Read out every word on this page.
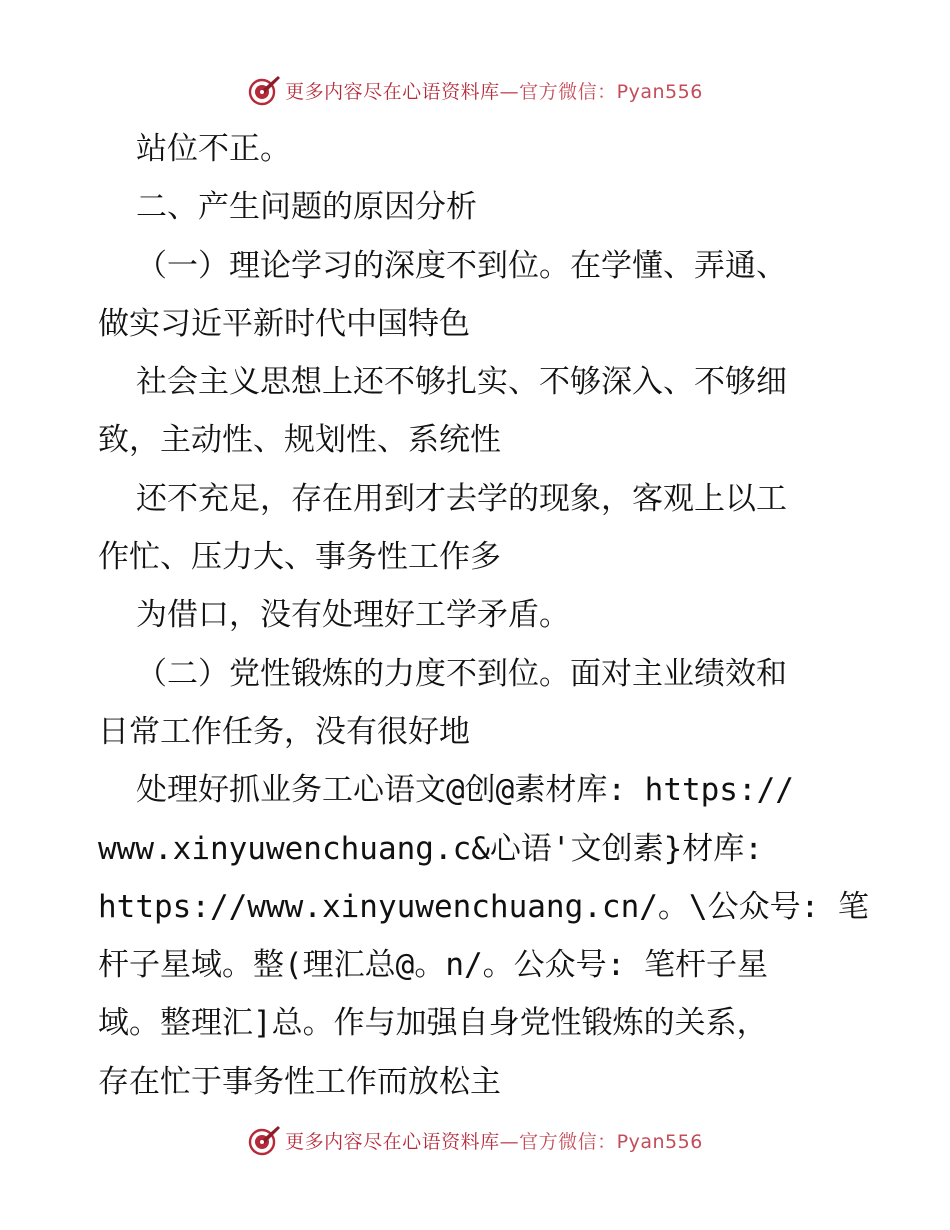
更多内容尽在心语资料库 —官方微信：Pyan556
站位不正。
二、产生问题的原因分析
（一）理论学习的深度不到位。在学懂、弄通、
做实习近平新时代中国特色
社会主义思想上还不够扎实、不够深入、不够细
致，主动性、规划性、系统性
还不充足，存在用到才去学的现象，客观上以工
作忙、压力大、事务性工作多
为借口，没有处理好工学矛盾。
（二）党性锻炼的力度不到位。面对主业绩效和
日常工作任务，没有很好地
处理好抓业务工心语文@创@素材库: https://
www.xinyuwenchuang.c&心语'文创素}材库:
https://www.xinyuwenchuang.cn/。\公众号: 笔
杆子星域。整(理汇总@。n/。公众号: 笔杆子星
域。整理汇]总。作与加强自身党性锻炼的关系，
存在忙于事务性工作而放松主
更多内容尽在心语资料库 —官方微信：Pyan556
